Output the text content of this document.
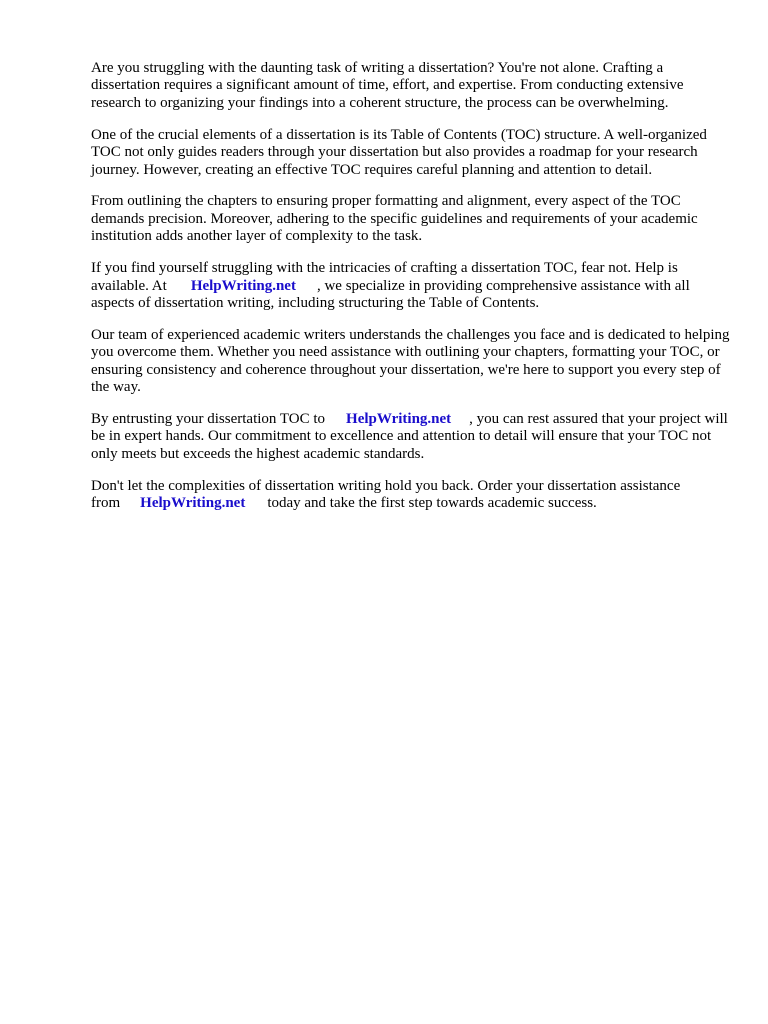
Are you struggling with the daunting task of writing a dissertation? You're not alone. Crafting a dissertation requires a significant amount of time, effort, and expertise. From conducting extensive research to organizing your findings into a coherent structure, the process can be overwhelming.

One of the crucial elements of a dissertation is its Table of Contents (TOC) structure. A well-organized TOC not only guides readers through your dissertation but also provides a roadmap for your research journey. However, creating an effective TOC requires careful planning and attention to detail.

From outlining the chapters to ensuring proper formatting and alignment, every aspect of the TOC demands precision. Moreover, adhering to the specific guidelines and requirements of your academic institution adds another layer of complexity to the task.

If you find yourself struggling with the intricacies of crafting a dissertation TOC, fear not. Help is available. At HelpWriting.net , we specialize in providing comprehensive assistance with all aspects of dissertation writing, including structuring the Table of Contents.

Our team of experienced academic writers understands the challenges you face and is dedicated to helping you overcome them. Whether you need assistance with outlining your chapters, formatting your TOC, or ensuring consistency and coherence throughout your dissertation, we're here to support you every step of the way.

By entrusting your dissertation TOC to HelpWriting.net , you can rest assured that your project will be in expert hands. Our commitment to excellence and attention to detail will ensure that your TOC not only meets but exceeds the highest academic standards.

Don't let the complexities of dissertation writing hold you back. Order your dissertation assistance from HelpWriting.net today and take the first step towards academic success.
